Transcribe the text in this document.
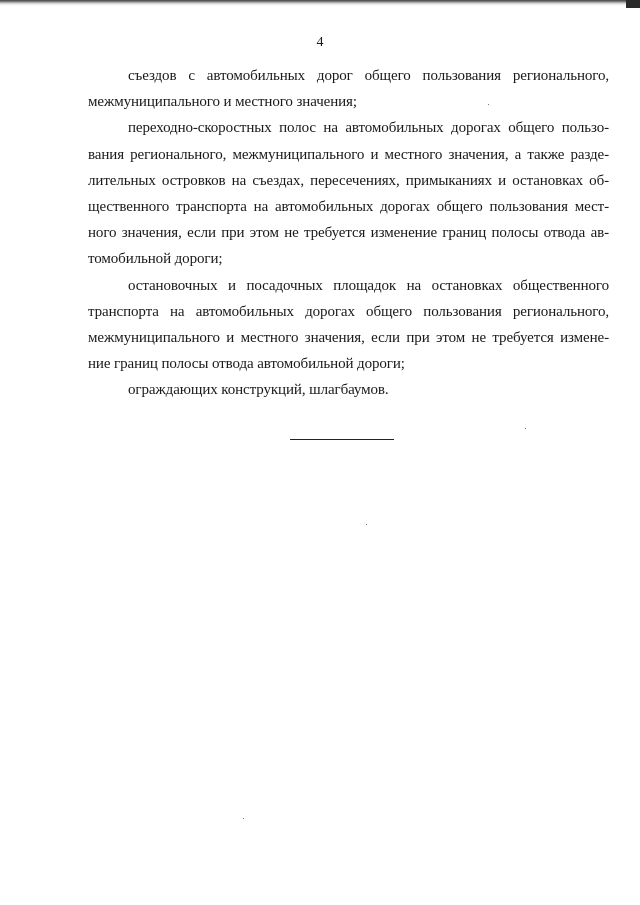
4

съездов с автомобильных дорог общего пользования регионального,
межмуниципального и местного значения;

переходно-скоростных полос на автомобильных дорогах общего пользо-
вания регионального, межмуниципального и местного значения, а также разде-
лительных островков на съездах, пересечениях, примыканиях и остановках об-
щественного транспорта на автомобильных дорогах общего пользования мест-
ного значения, если при этом не требуется изменение границ полосы отвода ав-
томобильной дороги;

остановочных и посадочных площадок на остановках общественного
транспорта на автомобильных дорогах общего пользования регионального,
межмуниципального и местного значения, если при этом не требуется измене-
ние границ полосы отвода автомобильной дороги;

ограждающих конструкций, шлагбаумов.
